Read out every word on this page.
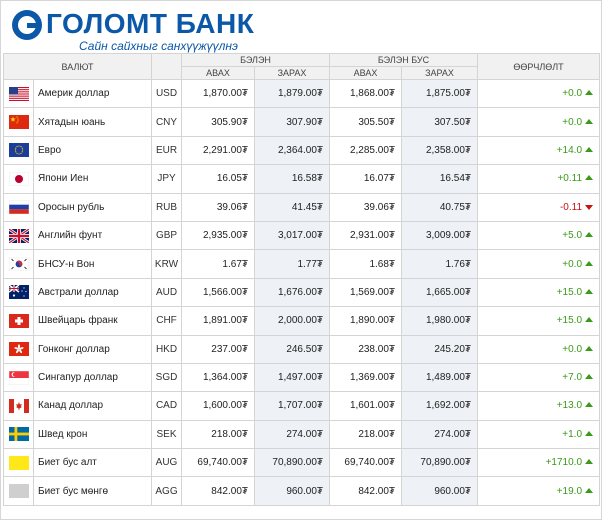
ГОЛОМТ БАНК
Сайн сайхныг санхүүжүүлнэ
ВАЛЮТ			БЭЛЭН		БЭЛЭН БУС		ӨӨРЧЛӨЛТ
			АВАХ	ЗАРАХ	АВАХ	ЗАРАХ	
	Америк доллар	USD	1,870.00₮	1,879.00₮	1,868.00₮	1,875.00₮	+0.0
	Хятадын юань	CNY	305.90₮	307.90₮	305.50₮	307.50₮	+0.0
	Евро	EUR	2,291.00₮	2,364.00₮	2,285.00₮	2,358.00₮	+14.0
	Япони Иен	JPY	16.05₮	16.58₮	16.07₮	16.54₮	+0.11
	Оросын рубль	RUB	39.06₮	41.45₮	39.06₮	40.75₮	-0.11
	Английн фунт	GBP	2,935.00₮	3,017.00₮	2,931.00₮	3,009.00₮	+5.0
	БНСУ-н Вон	KRW	1.67₮	1.77₮	1.68₮	1.76₮	+0.0
	Австрали доллар	AUD	1,566.00₮	1,676.00₮	1,569.00₮	1,665.00₮	+15.0
	Швейцарь франк	CHF	1,891.00₮	2,000.00₮	1,890.00₮	1,980.00₮	+15.0
	Гонконг доллар	HKD	237.00₮	246.50₮	238.00₮	245.20₮	+0.0
	Сингапур доллар	SGD	1,364.00₮	1,497.00₮	1,369.00₮	1,489.00₮	+7.0
	Канад доллар	CAD	1,600.00₮	1,707.00₮	1,601.00₮	1,692.00₮	+13.0
	Швед крон	SEK	218.00₮	274.00₮	218.00₮	274.00₮	+1.0
	Биет бус алт	AUG	69,740.00₮	70,890.00₮	69,740.00₮	70,890.00₮	+1710.0
	Биет бус мөнгө	AGG	842.00₮	960.00₮	842.00₮	960.00₮	+19.0
